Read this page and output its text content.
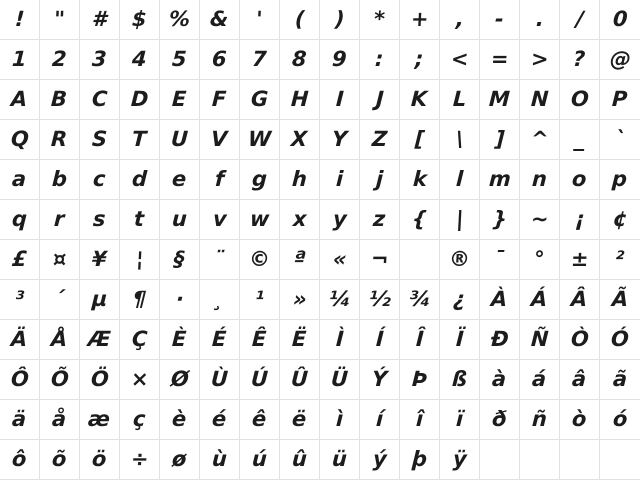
! " # $ % & ' ( ) * + , - . / 0
1 2 3 4 5 6 7 8 9 : ; < = > ? @
A B C D E F G H I J K L M N O P
Q R S T U V W X Y Z [ \ ] ^ _ `
a b c d e f g h i j k l m n o p
q r s t u v w x y z { | } ~ ¡ ¢
£ ¤ ¥ ¦ § ¨ © ª « ¬	® ¯ ° ± ²
³ ´ µ ¶ · ¸ ¹ » ¼ ½ ¾ ¿ À Á Â Ã
Ä Å Æ Ç È É Ê Ë Ì Í Î Ï Ð Ñ Ò Ó
Ô Õ Ö × Ø Ù Ú Û Ü Ý Þ ß à á â ã
ä å æ ç è é ê ë ì í î ï ð ñ ò ó
ô õ ö ÷ ø ù ú û ü ý þ ÿ
